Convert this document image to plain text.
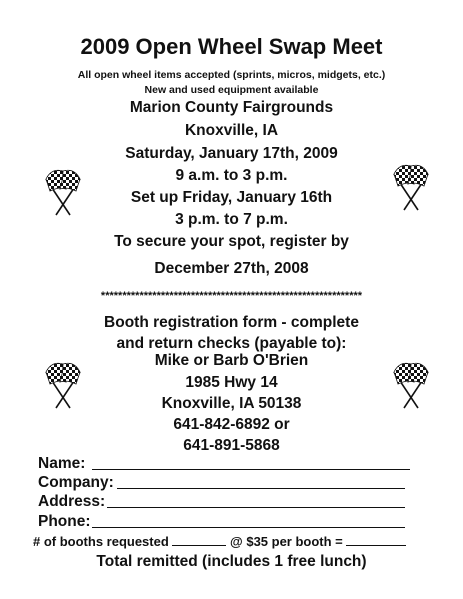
2009 Open Wheel Swap Meet
All open wheel items accepted (sprints, micros, midgets, etc.)
New and used equipment available
Marion County Fairgrounds
Knoxville, IA
Saturday, January 17th, 2009
9 a.m. to 3 p.m.
Set up Friday, January 16th
3 p.m. to 7 p.m.
To secure your spot, register by
December 27th, 2008
*************************************************************
Booth registration form - complete
and return checks (payable to):
Mike or Barb O'Brien
1985 Hwy 14
Knoxville, IA 50138
641-842-6892 or
641-891-5868
Name:
Company:
Address:
Phone:
# of booths requested	@ $35 per booth =
Total remitted (includes 1 free lunch)
